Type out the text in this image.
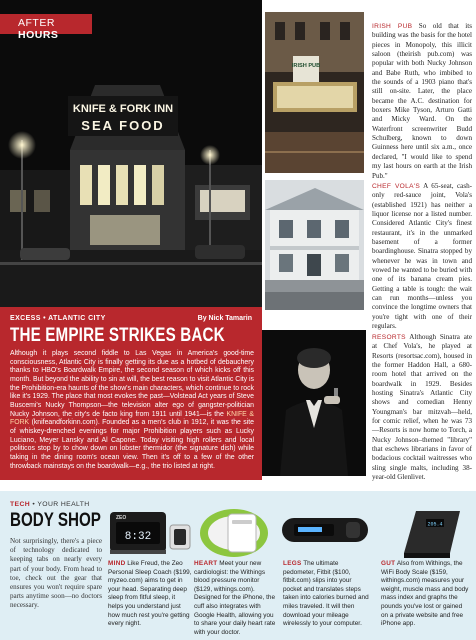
KNIFE & FORK INN
SEA FOOD
AFTER HOURS
IRISH PUB
IRISH PUB So old that its building was the basis for the hotel pieces in Monopoly, this illicit saloon (theirish pub.com) was popular with both Nucky Johnson and Babe Ruth, who imbibed to the sounds of a 1903 piano that's still on-site. Later, the place became the A.C. destination for boxers Mike Tyson, Arturo Gatti and Micky Ward. On the Waterfront screenwriter Budd Schulberg, known to down Guinness here until six a.m., once declared, "I would like to spend my last hours on earth at the Irish Pub."
CHEF VOLA'S A 65-seat, cash-only red-sauce joint, Vola's (established 1921) has neither a liquor license nor a listed number. Considered Atlantic City's finest restaurant, it's in the unmarked basement of a former boardinghouse. Sinatra stopped by whenever he was in town and vowed he wanted to be buried with one of its banana cream pies. Getting a table is tough: the wait can run months—unless you convince the longtime owners that you're tight with one of their regulars.
RESORTS Although Sinatra ate at Chef Vola's, he played at Resorts (resortsac.com), housed in the former Haddon Hall, a 680-room hotel that arrived on the boardwalk in 1929. Besides hosting Sinatra's Atlantic City shows and comedian Henny Youngman's bar mitzvah—held, for comic relief, when he was 73—Resorts is now home to Torch, a Nucky Johnson–themed "library" that eschews librarians in favor of bodacious cocktail waitresses who sling single malts, including 38-year-old Glenlivet.
EXCESS • ATLANTIC CITY	By Nick Tamarin
THE EMPIRE STRIKES BACK
Although it plays second fiddle to Las Vegas in America's good-time consciousness, Atlantic City is finally getting its due as a hotbed of debauchery thanks to HBO's Boardwalk Empire, the second season of which kicks off this month. But beyond the ability to sin at will, the best reason to visit Atlantic City is the Prohibition-era haunts of the show's main characters, which continue to rock like it's 1929. The place that most evokes the past—Volstead Act years of Steve Buscemi's Nucky Thompson—the television alter ego of gangster-politician Nucky Johnson, the city's de facto king from 1911 until 1941—is the KNIFE & FORK (knifeandforkinn.com). Founded as a men's club in 1912, it was the site of whiskey-drenched evenings for major Prohibition players such as Lucky Luciano, Meyer Lansky and Al Capone. Today visiting high rollers and local politicos stop by to chow down on lobster thermidor (the signature dish) while taking in the dining room's ocean view. Then it's off to a few of the other throwback mainstays on the boardwalk—e.g., the trio listed at right.
TECH • YOUR HEALTH
BODY SHOP
Not surprisingly, there's a piece of technology dedicated to keeping tabs on nearly every part of your body. From head to toe, check out the gear that ensures you won't require spare parts anytime soon—no doctors necessary.
ZEO
8:32
205.4
MIND Like Freud, the Zeo Personal Sleep Coach ($199, myzeo.com) aims to get in your head. Separating deep sleep from fitful sleep, it helps you understand just how much rest you're getting every night.
HEART Meet your new cardiologist: the Withings blood pressure monitor ($129, withings.com). Designed for the iPhone, the cuff also integrates with Google Health, allowing you to share your daily heart rate with your doctor.
LEGS The ultimate pedometer, Fitbit ($100, fitbit.com) slips into your pocket and translates steps taken into calories burned and miles traveled. It will then download your mileage wirelessly to your computer.
GUT Also from Withings, the WiFi Body Scale ($159, withings.com) measures your weight, muscle mass and body mass index and graphs the pounds you've lost or gained on a private website and free iPhone app.
